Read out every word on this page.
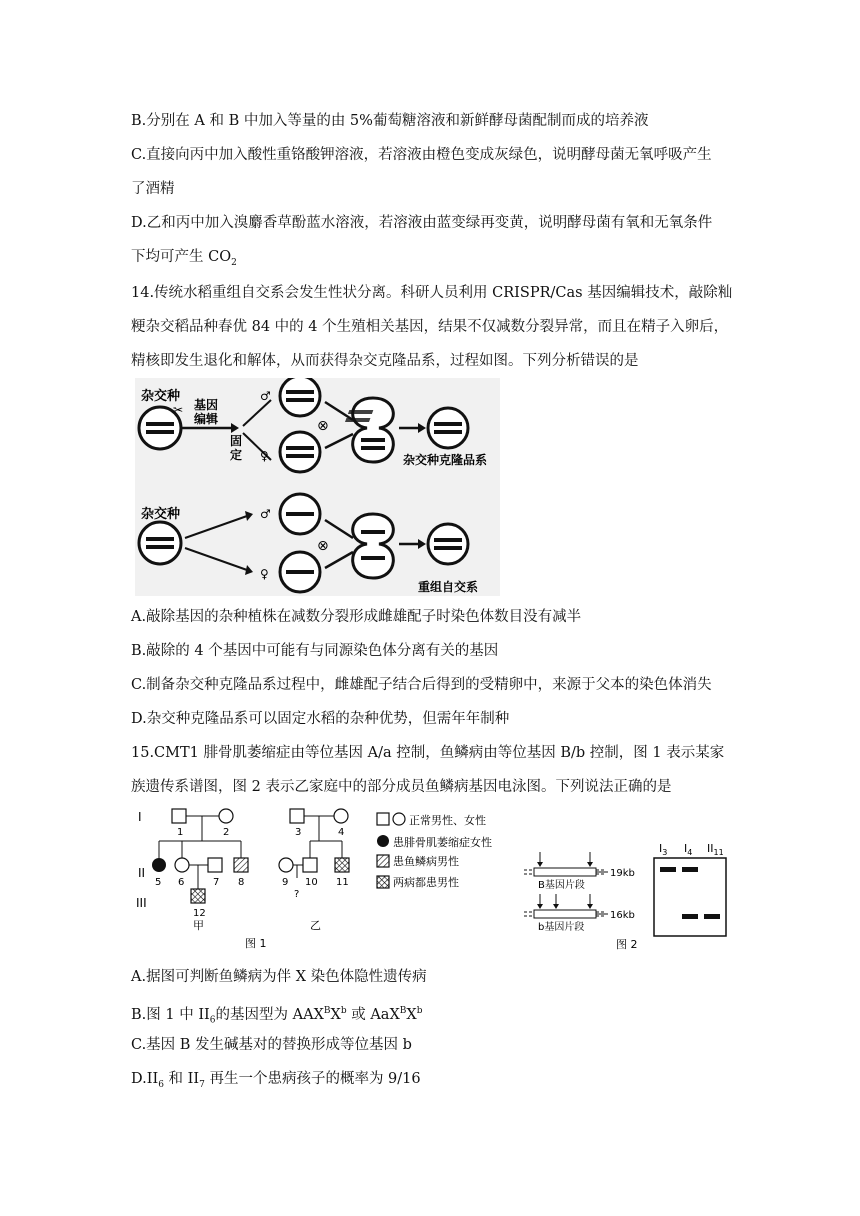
B.分别在 A 和 B 中加入等量的由 5%葡萄糖溶液和新鲜酵母菌配制而成的培养液
C.直接向丙中加入酸性重铬酸钾溶液，若溶液由橙色变成灰绿色，说明酵母菌无氧呼吸产生
了酒精
D.乙和丙中加入溴麝香草酚蓝水溶液，若溶液由蓝变绿再变黄，说明酵母菌有氧和无氧条件
下均可产生 $CO_2$
14.传统水稻重组自交系会发生性状分离。科研人员利用 CRISPR/Cas 基因编辑技术，敲除籼
粳杂交稻品种春优 84 中的 4 个生殖相关基因，结果不仅减数分裂异常，而且在精子入卵后，
精核即发生退化和解体，从而获得杂交克隆品系，过程如图。下列分析错误的是
杂交种
✂ 基因
编辑
固
定
♂
♀
⊗
杂交种克隆品系
杂交种	♂
♀
⊗
重组自交系
A.敲除基因的杂种植株在减数分裂形成雌雄配子时染色体数目没有减半
B.敲除的 4 个基因中可能有与同源染色体分离有关的基因
C.制备杂交种克隆品系过程中，雌雄配子结合后得到的受精卵中，来源于父本的染色体消失
D.杂交种克隆品系可以固定水稻的杂种优势，但需年年制种
15.CMT1 腓骨肌萎缩症由等位基因 A/a 控制，鱼鳞病由等位基因 B/b 控制，图 1 表示某家
族遗传系谱图，图 2 表示乙家庭中的部分成员鱼鳞病基因电泳图。下列说法正确的是
I
II
III
1	2
5 6	7 8
12
甲
3	4
9 10 11
?
乙
正常男性、女性
患腓骨肌萎缩症女性
患鱼鳞病男性
两病都患男性
图 1
19kb
B基因片段
16kb
b基因片段
图 2
$I_3$ $I_4$ $II_{11}$
A.据图可判断鱼鳞病为伴 X 染色体隐性遗传病
B.图 1 中 $II_6$的基因型为 $AAX^BX^b$ 或 $AaX^BX^b$
C.基因 B 发生碱基对的替换形成等位基因 b
$D.II_6$ 和 $II_7$ 再生一个患病孩子的概率为 9/16
